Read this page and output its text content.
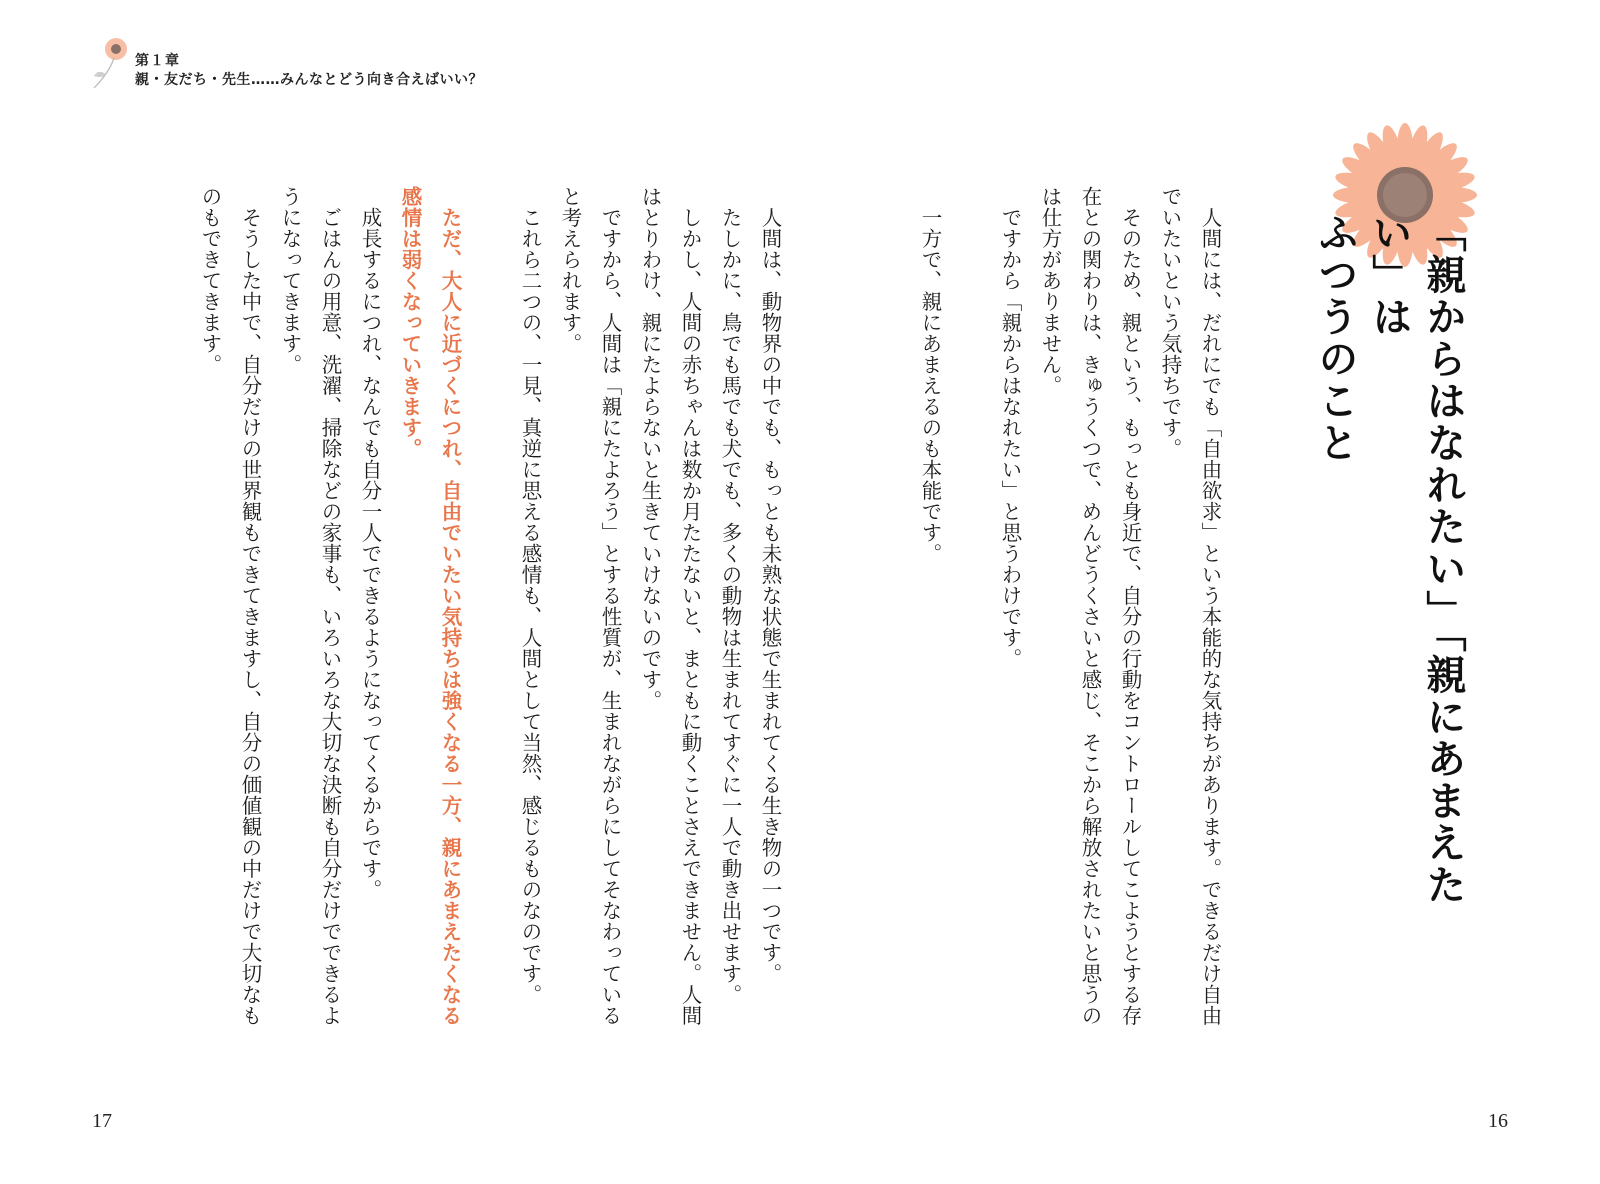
第１章
親・友だち・先生……みんなとどう向き合えばいい？

「親からはなれたい」「親にあまえたい」は

ふつうのこと

人間には、だれにでも「自由欲求」という本能的な気持ちがあります。できるだけ自由でいたいという気持ちです。

そのため、親という、もっとも身近で、自分の行動をコントロールしてこようとする存在との関わりは、きゅうくつで、めんどうくさいと感じ、そこから解放されたいと思うのは仕方がありません。

ですから「親からはなれたい」と思うわけです。

一方で、親にあまえるのも本能です。

人間は、動物界の中でも、もっとも未熟な状態で生まれてくる生き物の一つです。

たしかに、鳥でも馬でも犬でも、多くの動物は生まれてすぐに一人で動き出せます。

しかし、人間の赤ちゃんは数か月たたないと、まともに動くことさえできません。人間はとりわけ、親にたよらないと生きていけないのです。

ですから、人間は「親にたよろう」とする性質が、生まれながらにしてそなわっていると考えられます。

これら二つの、一見、真逆に思える感情も、人間として当然、感じるものなのです。

ただ、大人に近づくにつれ、自由でいたい気持ちは強くなる一方、親にあまえたくなる感情は弱くなっていきます。

成長するにつれ、なんでも自分一人でできるようになってくるからです。

ごはんの用意、洗濯、掃除などの家事も、いろいろな大切な決断も自分だけでできるようになってきます。

そうした中で、自分だけの世界観もできてきますし、自分の価値観の中だけで大切なものもできてきます。

17	16
